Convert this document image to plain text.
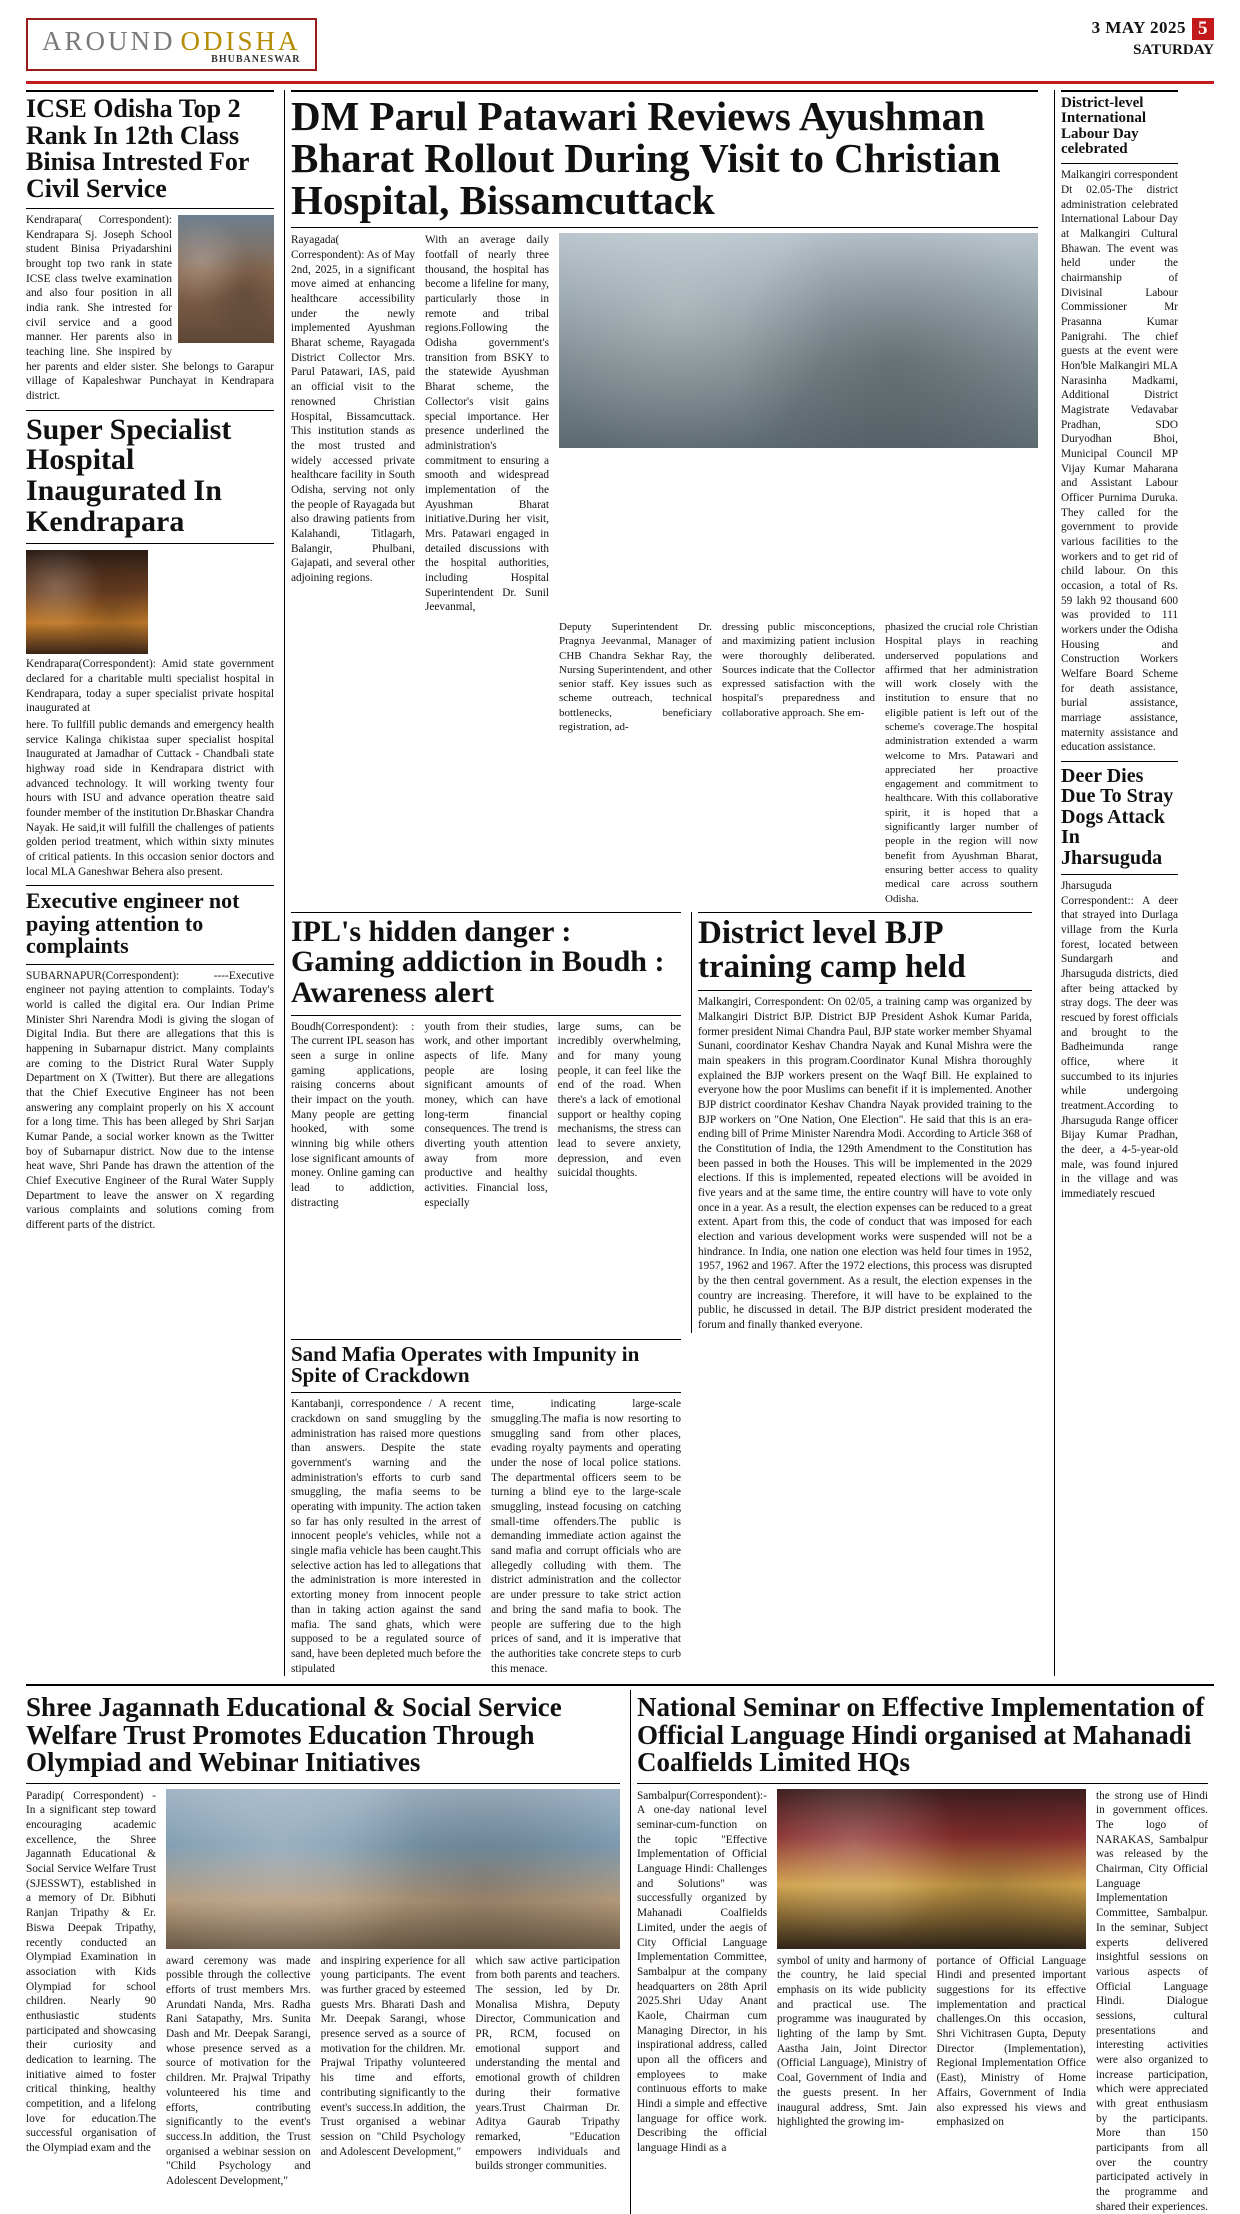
AROUND ODISHA
BHUBANESWAR
3 MAY 2025 5
SATURDAY
ICSE Odisha Top 2 Rank In 12th Class Binisa Intrested For Civil Service
Kendrapara( Correspondent): Kendrapara Sj. Joseph School student Binisa Priyadarshini brought top two rank in state ICSE class twelve examination and also four position in all india rank. She intrested for civil service and a good manner. Her parents also in teaching line. She inspired by her parents and elder sister. She belongs to Garapur village of Kapaleshwar Punchayat in Kendrapara district.
Super Specialist Hospital Inaugurated In Kendrapara
Kendrapara(Correspondent): Amid state government declared for a charitable multi specialist hospital in Kendrapara, today a super specialist private hospital inaugurated at
here. To fullfill public demands and emergency health service Kalinga chikistaa super specialist hospital Inaugurated at Jamadhar of Cuttack - Chandbali state highway road side in Kendrapara district with advanced technology. It will working twenty four hours with ISU and advance operation theatre said founder member of the institution Dr.Bhaskar Chandra Nayak. He said,it will fulfill the challenges of patients golden period treatment, which within sixty minutes of critical patients. In this occasion senior doctors and local MLA Ganeshwar Behera also present.
Executive engineer not paying attention to complaints
SUBARNAPUR(Correspondent): ----Executive engineer not paying attention to complaints. Today's world is called the digital era. Our Indian Prime Minister Shri Narendra Modi is giving the slogan of Digital India. But there are allegations that this is happening in Subarnapur district. Many complaints are coming to the District Rural Water Supply Department on X (Twitter). But there are allegations that the Chief Executive Engineer has not been answering any complaint properly on his X account for a long time. This has been alleged by Shri Sarjan Kumar Pande, a social worker known as the Twitter boy of Subarnapur district. Now due to the intense heat wave, Shri Pande has drawn the attention of the Chief Executive Engineer of the Rural Water Supply Department to leave the answer on X regarding various complaints and solutions coming from different parts of the district.
DM Parul Patawari Reviews Ayushman Bharat Rollout During Visit to Christian Hospital, Bissamcuttack
Rayagada( Correspondent): As of May 2nd, 2025, in a significant move aimed at enhancing healthcare accessibility under the newly implemented Ayushman Bharat scheme, Rayagada District Collector Mrs. Parul Patawari, IAS, paid an official visit to the renowned Christian Hospital, Bissamcuttack. This institution stands as the most trusted and widely accessed private healthcare facility in South Odisha, serving not only the people of Rayagada but also drawing patients from Kalahandi, Titlagarh, Balangir, Phulbani, Gajapati, and several other adjoining regions.
With an average daily footfall of nearly three thousand, the hospital has become a lifeline for many, particularly those in remote and tribal regions.Following the Odisha government's transition from BSKY to the statewide Ayushman Bharat scheme, the Collector's visit gains special importance. Her presence underlined the administration's commitment to ensuring a smooth and widespread implementation of the Ayushman Bharat initiative.During her visit, Mrs. Patawari engaged in detailed discussions with the hospital authorities, including Hospital Superintendent Dr. Sunil Jeevanmal,
Deputy Superintendent Dr. Pragnya Jeevanmal, Manager of CHB Chandra Sekhar Ray, the Nursing Superintendent, and other senior staff. Key issues such as scheme outreach, technical bottlenecks, beneficiary registration, ad-
dressing public misconceptions, and maximizing patient inclusion were thoroughly deliberated. Sources indicate that the Collector expressed satisfaction with the hospital's preparedness and collaborative approach. She em-
phasized the crucial role Christian Hospital plays in reaching underserved populations and affirmed that her administration will work closely with the institution to ensure that no eligible patient is left out of the scheme's coverage.The hospital administration extended a warm welcome to Mrs. Patawari and appreciated her proactive engagement and commitment to healthcare. With this collaborative spirit, it is hoped that a significantly larger number of people in the region will now benefit from Ayushman Bharat, ensuring better access to quality medical care across southern Odisha.
IPL's hidden danger : Gaming addiction in Boudh : Awareness alert
Boudh(Correspondent): : The current IPL season has seen a surge in online gaming applications, raising concerns about their impact on the youth. Many people are getting hooked, with some winning big while others lose significant amounts of money. Online gaming can lead to addiction, distracting
youth from their studies, work, and other important aspects of life. Many people are losing significant amounts of money, which can have long-term financial consequences. The trend is diverting youth attention away from more productive and healthy activities. Financial loss, especially
large sums, can be incredibly overwhelming, and for many young people, it can feel like the end of the road. When there's a lack of emotional support or healthy coping mechanisms, the stress can lead to severe anxiety, depression, and even suicidal thoughts.
District level BJP training camp held
Malkangiri, Correspondent: On 02/05, a training camp was organized by Malkangiri District BJP. District BJP President Ashok Kumar Parida, former president Nimai Chandra Paul, BJP state worker member Shyamal Sunani, coordinator Keshav Chandra Nayak and Kunal Mishra were the main speakers in this program.Coordinator Kunal Mishra thoroughly explained the BJP workers present on the Waqf Bill. He explained to everyone how the poor Muslims can benefit if it is implemented. Another BJP district coordinator Keshav Chandra Nayak provided training to the BJP workers on "One Nation, One Election". He said that this is an era-ending bill of Prime Minister Narendra Modi. According to Article 368 of the Constitution of India, the 129th Amendment to the Constitution has been passed in both the Houses. This will be implemented in the 2029 elections. If this is implemented, repeated elections will be avoided in five years and at the same time, the entire country will have to vote only once in a year. As a result, the election expenses can be reduced to a great extent. Apart from this, the code of conduct that was imposed for each election and various development works were suspended will not be a hindrance. In India, one nation one election was held four times in 1952, 1957, 1962 and 1967. After the 1972 elections, this process was disrupted by the then central government. As a result, the election expenses in the country are increasing. Therefore, it will have to be explained to the public, he discussed in detail. The BJP district president moderated the forum and finally thanked everyone.
Sand Mafia Operates with Impunity in Spite of Crackdown
Kantabanji, correspondence / A recent crackdown on sand smuggling by the administration has raised more questions than answers. Despite the state government's warning and the administration's efforts to curb sand smuggling, the mafia seems to be operating with impunity. The action taken so far has only resulted in the arrest of innocent people's vehicles, while not a single mafia vehicle has been caught.This selective action has led to allegations that the administration is more interested in extorting money from innocent people than in taking action against the sand mafia. The sand ghats, which were supposed to be a regulated source of sand, have been depleted much before the stipulated
time, indicating large-scale smuggling.The mafia is now resorting to smuggling sand from other places, evading royalty payments and operating under the nose of local police stations. The departmental officers seem to be turning a blind eye to the large-scale smuggling, instead focusing on catching small-time offenders.The public is demanding immediate action against the sand mafia and corrupt officials who are allegedly colluding with them. The district administration and the collector are under pressure to take strict action and bring the sand mafia to book. The people are suffering due to the high prices of sand, and it is imperative that the authorities take concrete steps to curb this menace.
District-level International Labour Day celebrated
Malkangiri correspondent Dt 02.05-The district administration celebrated International Labour Day at Malkangiri Cultural Bhawan. The event was held under the chairmanship of Divisinal Labour Commissioner Mr Prasanna Kumar Panigrahi. The chief guests at the event were Hon'ble Malkangiri MLA Narasinha Madkami, Additional District Magistrate Vedavabar Pradhan, SDO Duryodhan Bhoi, Municipal Council MP Vijay Kumar Maharana and Assistant Labour Officer Purnima Duruka. They called for the government to provide various facilities to the workers and to get rid of child labour. On this occasion, a total of Rs. 59 lakh 92 thousand 600 was provided to 111 workers under the Odisha Housing and Construction Workers Welfare Board Scheme for death assistance, burial assistance, marriage assistance, maternity assistance and education assistance.
Deer Dies Due To Stray Dogs Attack In Jharsuguda
Jharsuguda Correspondent:: A deer that strayed into Durlaga village from the Kurla forest, located between Sundargarh and Jharsuguda districts, died after being attacked by stray dogs. The deer was rescued by forest officials and brought to the Badheimunda range office, where it succumbed to its injuries while undergoing treatment.According to Jharsuguda Range officer Bijay Kumar Pradhan, the deer, a 4-5-year-old male, was found injured in the village and was immediately rescued
Shree Jagannath Educational & Social Service Welfare Trust Promotes Education Through Olympiad and Webinar Initiatives
Paradip( Correspondent) - In a significant step toward encouraging academic excellence, the Shree Jagannath Educational & Social Service Welfare Trust (SJESSWT), established in a memory of Dr. Bibhuti Ranjan Tripathy & Er. Biswa Deepak Tripathy, recently conducted an Olympiad Examination in association with Kids Olympiad for school children. Nearly 90 enthusiastic students participated and showcasing their curiosity and dedication to learning. The initiative aimed to foster critical thinking, healthy competition, and a lifelong love for education.The successful organisation of the Olympiad exam and the
award ceremony was made possible through the collective efforts of trust members Mrs. Arundati Nanda, Mrs. Radha Rani Satapathy, Mrs. Sunita Dash and Mr. Deepak Sarangi, whose presence served as a source of motivation for the children. Mr. Prajwal Tripathy volunteered his time and efforts, contributing significantly to the event's success.In addition, the Trust organised a webinar session on "Child Psychology and Adolescent Development,"
and inspiring experience for all young participants. The event was further graced by esteemed guests Mrs. Bharati Dash and Mr. Deepak Sarangi, whose presence served as a source of motivation for the children. Mr. Prajwal Tripathy volunteered his time and efforts, contributing significantly to the event's success.In addition, the Trust organised a webinar session on "Child Psychology and Adolescent Development,"
which saw active participation from both parents and teachers. The session, led by Dr. Monalisa Mishra, Deputy Director, Communication and PR, RCM, focused on emotional support and understanding the mental and emotional growth of children during their formative years.Trust Chairman Dr. Aditya Gaurab Tripathy remarked, "Education empowers individuals and builds stronger communities.
National Seminar on Effective Implementation of Official Language Hindi organised at Mahanadi Coalfields Limited HQs
Sambalpur(Correspondent):-A one-day national level seminar-cum-function on the topic "Effective Implementation of Official Language Hindi: Challenges and Solutions" was successfully organized by Mahanadi Coalfields Limited, under the aegis of City Official Language Implementation Committee, Sambalpur at the company headquarters on 28th April 2025.Shri Uday Anant Kaole, Chairman cum Managing Director, in his inspirational address, called upon all the officers and employees to make continuous efforts to make Hindi a simple and effective language for office work. Describing the official language Hindi as a
symbol of unity and harmony of the country, he laid special emphasis on its wide publicity and practical use. The programme was inaugurated by lighting of the lamp by Smt. Aastha Jain, Joint Director (Official Language), Ministry of Coal, Government of India and the guests present. In her inaugural address, Smt. Jain highlighted the growing im-
portance of Official Language Hindi and presented important suggestions for its effective implementation and practical challenges.On this occasion, Shri Vichitrasen Gupta, Deputy Director (Implementation), Regional Implementation Office (East), Ministry of Home Affairs, Government of India also expressed his views and emphasized on
the strong use of Hindi in government offices. The logo of NARAKAS, Sambalpur was released by the Chairman, City Official Language Implementation Committee, Sambalpur. In the seminar, Subject experts delivered insightful sessions on various aspects of Official Language Hindi. Dialogue sessions, cultural presentations and interesting activities were also organized to increase participation, which were appreciated with great enthusiasm by the participants. More than 150 participants from all over the country participated actively in the programme and shared their experiences.
